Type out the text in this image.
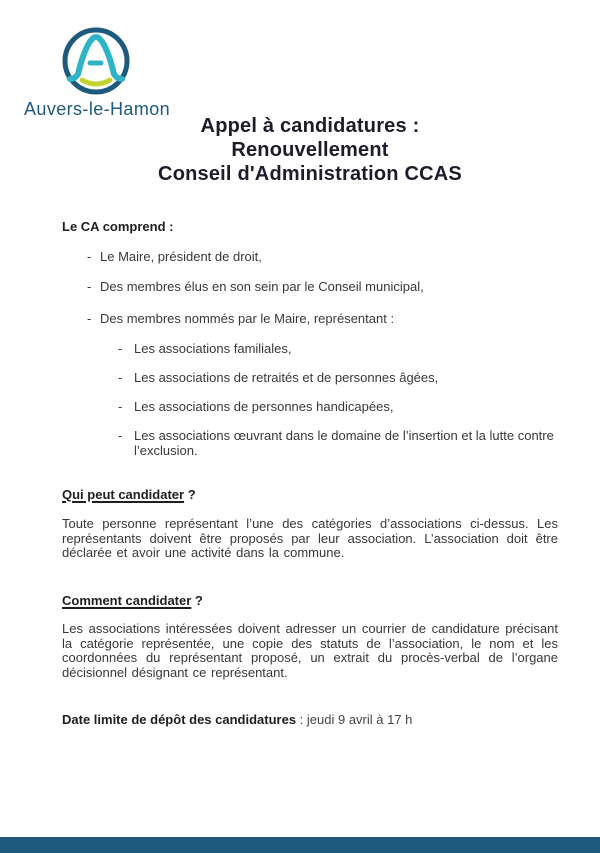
Auvers-le-Hamon
Appel à candidatures :
Renouvellement
Conseil d'Administration CCAS
Le CA comprend :
- Le Maire, président de droit,
- Des membres élus en son sein par le Conseil municipal,
- Des membres nommés par le Maire, représentant :
- Les associations familiales,
- Les associations de retraités et de personnes âgées,
- Les associations de personnes handicapées,
- Les associations œuvrant dans le domaine de l’insertion et la lutte contre l’exclusion.
Qui peut candidater ?
Toute personne représentant l’une des catégories d’associations ci-dessus. Les représentants doivent être proposés par leur association. L’association doit être déclarée et avoir une activité dans la commune.
Comment candidater ?
Les associations intéressées doivent adresser un courrier de candidature précisant la catégorie représentée, une copie des statuts de l’association, le nom et les coordonnées du représentant proposé, un extrait du procès-verbal de l’organe décisionnel désignant ce représentant.
Date limite de dépôt des candidatures : jeudi 9 avril à 17 h
